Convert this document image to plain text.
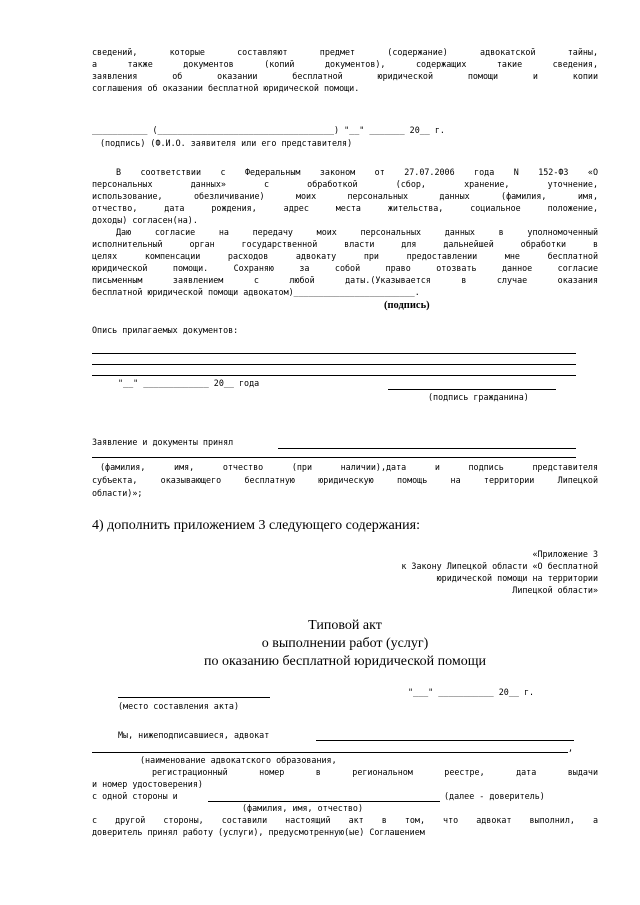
сведений, которые составляют предмет (содержание) адвокатской тайны,
а также документов (копий документов), содержащих такие сведения,
заявления об оказании бесплатной юридической помощи и копии
соглашения об оказании бесплатной юридической помощи.
___________ (___________________________________) "__" _______ 20__ г.
(подпись) (Ф.И.О. заявителя или его представителя)
В соответствии с Федеральным законом от 27.07.2006 года N 152-ФЗ «О
персональных данных» с обработкой (сбор, хранение, уточнение,
использование, обезличивание) моих персональных данных (фамилия, имя,
отчество, дата рождения, адрес места жительства, социальное положение,
доходы) согласен(на).
Даю согласие на передачу моих персональных данных в уполномоченный
исполнительный орган государственной власти для дальнейшей обработки в
целях компенсации расходов адвокату при предоставлении мне бесплатной
юридической помощи. Сохраняю за собой право отозвать данное согласие
письменным заявлением с любой даты.(Указывается в случае оказания
бесплатной юридической помощи адвокатом)________________________.
(подпись)
Опись прилагаемых документов:
"__" _____________ 20__ года
(подпись гражданина)
Заявление и документы принял
(фамилия, имя, отчество (при наличии),дата и подпись представителя
субъекта, оказывающего бесплатную юридическую помощь на территории Липецкой
области)»;
4) дополнить приложением 3 следующего содержания:
«Приложение 3
к Закону Липецкой области «О бесплатной
юридической помощи на территории
Липецкой области»
Типовой акт
о выполнении работ (услуг)
по оказанию бесплатной юридической помощи
"___" ___________ 20__ г.
(место составления акта)
Мы, нижеподписавшиеся, адвокат
,
(наименование адвокатского образования,
регистрационный номер в региональном реестре, дата выдачи
и номер удостоверения)
с одной стороны и	(далее - доверитель)
(фамилия, имя, отчество)
с другой стороны, составили настоящий акт в том, что адвокат выполнил, а
доверитель принял работу (услуги), предусмотренную(ые) Соглашением
